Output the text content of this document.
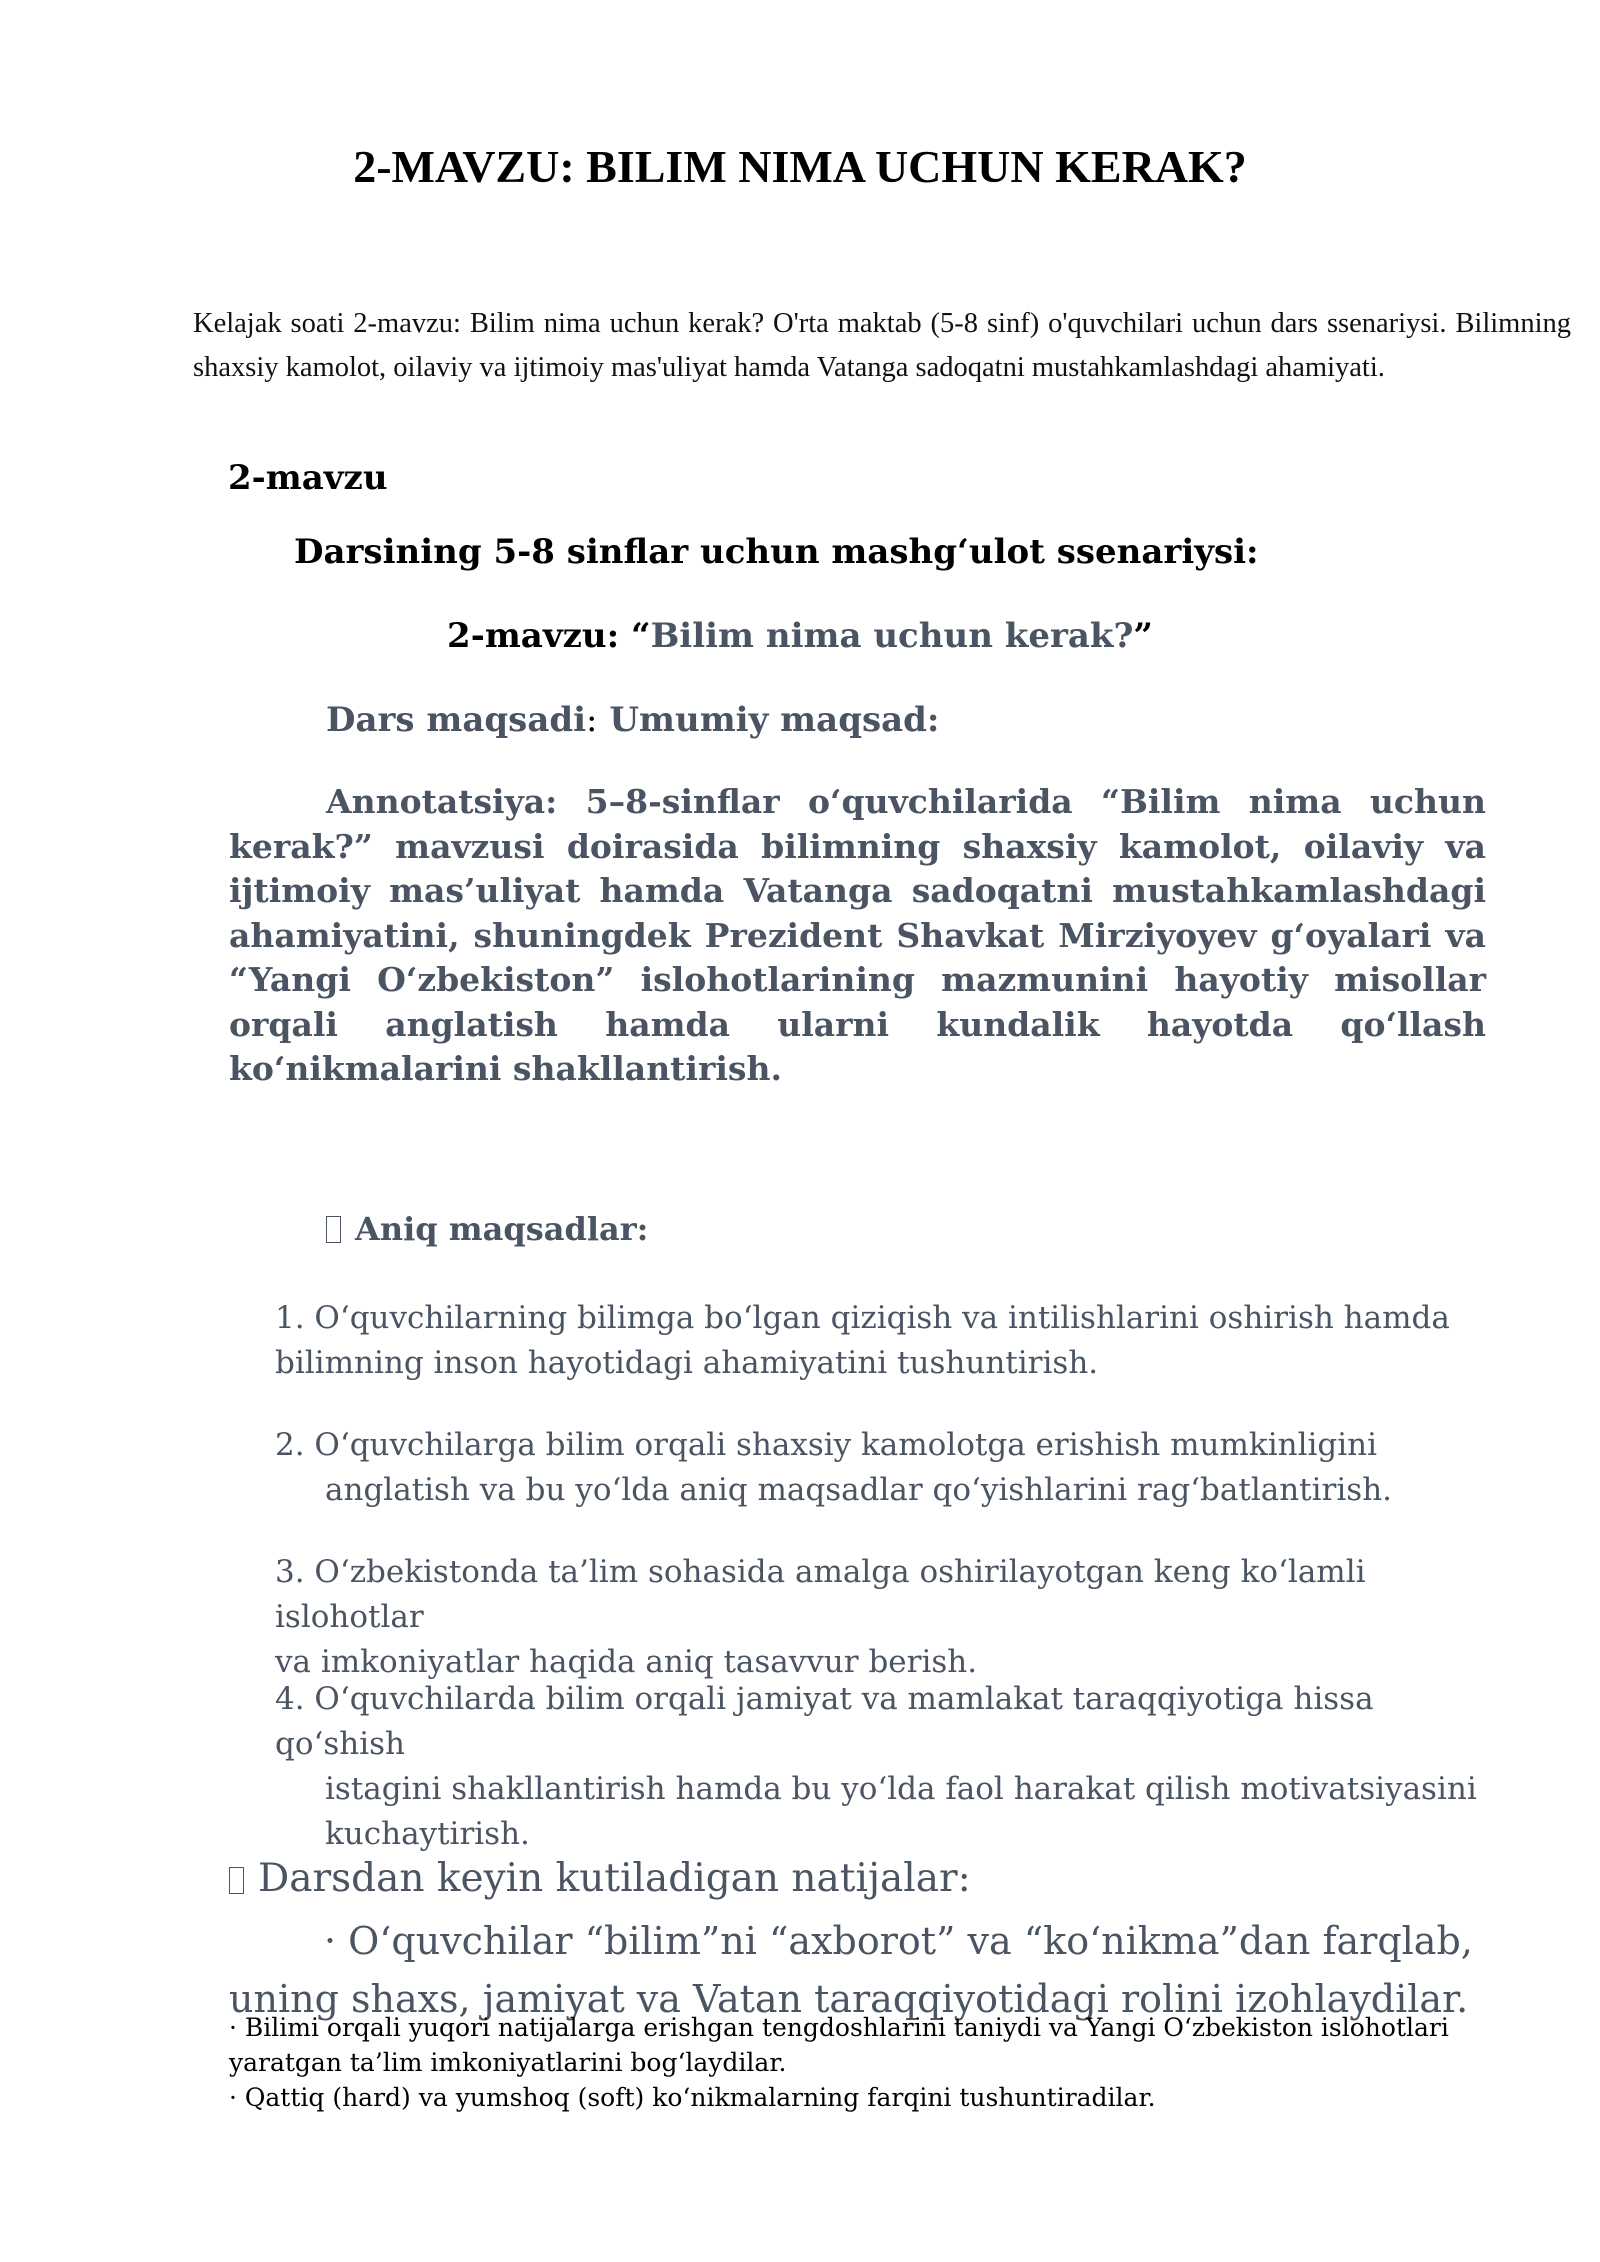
2-MAVZU: BILIM NIMA UCHUN KERAK?

Kelajak soati 2-mavzu: Bilim nima uchun kerak? O'rta maktab (5-8 sinf) o'quvchilari uchun dars ssenariysi. Bilimning shaxsiy kamolot, oilaviy va ijtimoiy mas'uliyat hamda Vatanga sadoqatni mustahkamlashdagi ahamiyati.

2-mavzu
Darsining 5-8 sinflar uchun mashg‘ulot ssenariysi:
2-mavzu: “Bilim nima uchun kerak?”
Dars maqsadi: Umumiy maqsad:

Annotatsiya: 5–8-sinflar o‘quvchilarida “Bilim nima uchun kerak?” mavzusi doirasida bilimning shaxsiy kamolot, oilaviy va ijtimoiy mas’uliyat hamda Vatanga sadoqatni mustahkamlashdagi ahamiyatini, shuningdek Prezident Shavkat Mirziyoyev g‘oyalari va “Yangi O‘zbekiston” islohotlarining mazmunini hayotiy misollar orqali anglatish hamda ularni kundalik hayotda qo‘llash ko‘nikmalarini shakllantirish.

Aniq maqsadlar:
1. O‘quvchilarning bilimga bo‘lgan qiziqish va intilishlarini oshirish hamda
bilimning inson hayotidagi ahamiyatini tushuntirish.
2. O‘quvchilarga bilim orqali shaxsiy kamolotga erishish mumkinligini
anglatish va bu yo‘lda aniq maqsadlar qo‘yishlarini rag‘batlantirish.
3. O‘zbekistonda ta’lim sohasida amalga oshirilayotgan keng ko‘lamli islohotlar
va imkoniyatlar haqida aniq tasavvur berish.
4. O‘quvchilarda bilim orqali jamiyat va mamlakat taraqqiyotiga hissa qo‘shish
istagini shakllantirish hamda bu yo‘lda faol harakat qilish motivatsiyasini
kuchaytirish.
Darsdan keyin kutiladigan natijalar:
· O‘quvchilar “bilim”ni “axborot” va “ko‘nikma”dan farqlab,
uning shaxs, jamiyat va Vatan taraqqiyotidagi rolini izohlaydilar.

· Bilimi orqali yuqori natijalarga erishgan tengdoshlarini taniydi va Yangi O‘zbekiston islohotlari yaratgan ta’lim imkoniyatlarini bog‘laydilar.

· Qattiq (hard) va yumshoq (soft) ko‘nikmalarning farqini tushuntiradilar.
